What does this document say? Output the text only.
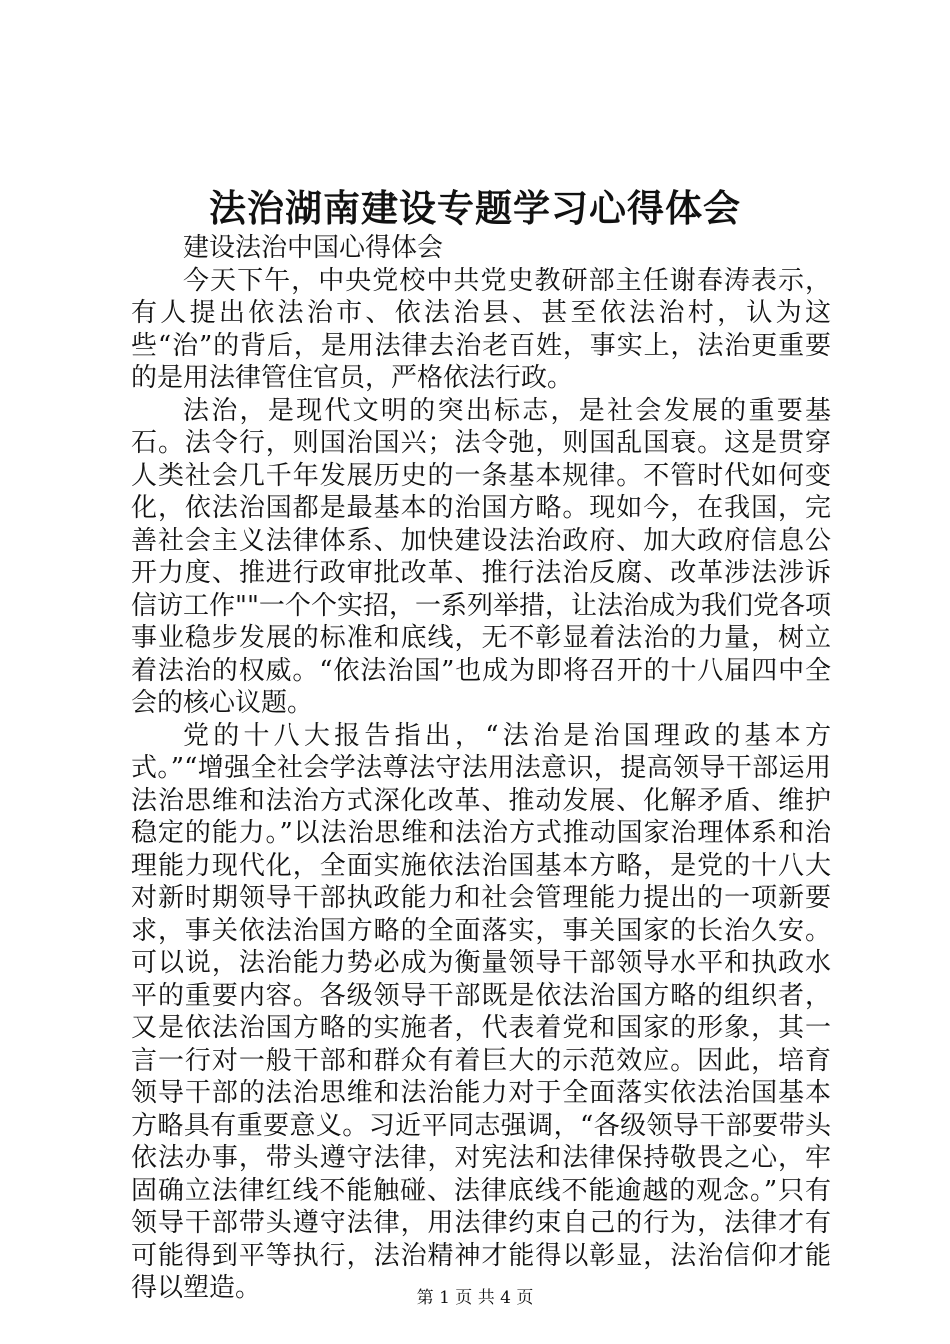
法治湖南建设专题学习心得体会

建设法治中国心得体会

今天下午，中央党校中共党史教研部主任谢春涛表示，有人提出依法治市、依法治县、甚至依法治村，认为这些“治”的背后，是用法律去治老百姓，事实上，法治更重要的是用法律管住官员，严格依法行政。

法治，是现代文明的突出标志，是社会发展的重要基石。法令行，则国治国兴；法令弛，则国乱国衰。这是贯穿人类社会几千年发展历史的一条基本规律。不管时代如何变化，依法治国都是最基本的治国方略。现如今，在我国，完善社会主义法律体系、加快建设法治政府、加大政府信息公开力度、推进行政审批改革、推行法治反腐、改革涉法涉诉信访工作""一个个实招，一系列举措，让法治成为我们党各项事业稳步发展的标准和底线，无不彰显着法治的力量，树立着法治的权威。“依法治国”也成为即将召开的十八届四中全会的核心议题。

党的十八大报告指出，“法治是治国理政的基本方式。”“增强全社会学法尊法守法用法意识，提高领导干部运用法治思维和法治方式深化改革、推动发展、化解矛盾、维护稳定的能力。”以法治思维和法治方式推动国家治理体系和治理能力现代化，全面实施依法治国基本方略，是党的十八大对新时期领导干部执政能力和社会管理能力提出的一项新要求，事关依法治国方略的全面落实，事关国家的长治久安。可以说，法治能力势必成为衡量领导干部领导水平和执政水平的重要内容。各级领导干部既是依法治国方略的组织者，又是依法治国方略的实施者，代表着党和国家的形象，其一言一行对一般干部和群众有着巨大的示范效应。因此，培育领导干部的法治思维和法治能力对于全面落实依法治国基本方略具有重要意义。习近平同志强调，“各级领导干部要带头依法办事，带头遵守法律，对宪法和法律保持敬畏之心，牢固确立法律红线不能触碰、法律底线不能逾越的观念。”只有领导干部带头遵守法律，用法律约束自己的行为，法律才有可能得到平等执行，法治精神才能得以彰显，法治信仰才能得以塑造。	第 1 页 共 4 页
